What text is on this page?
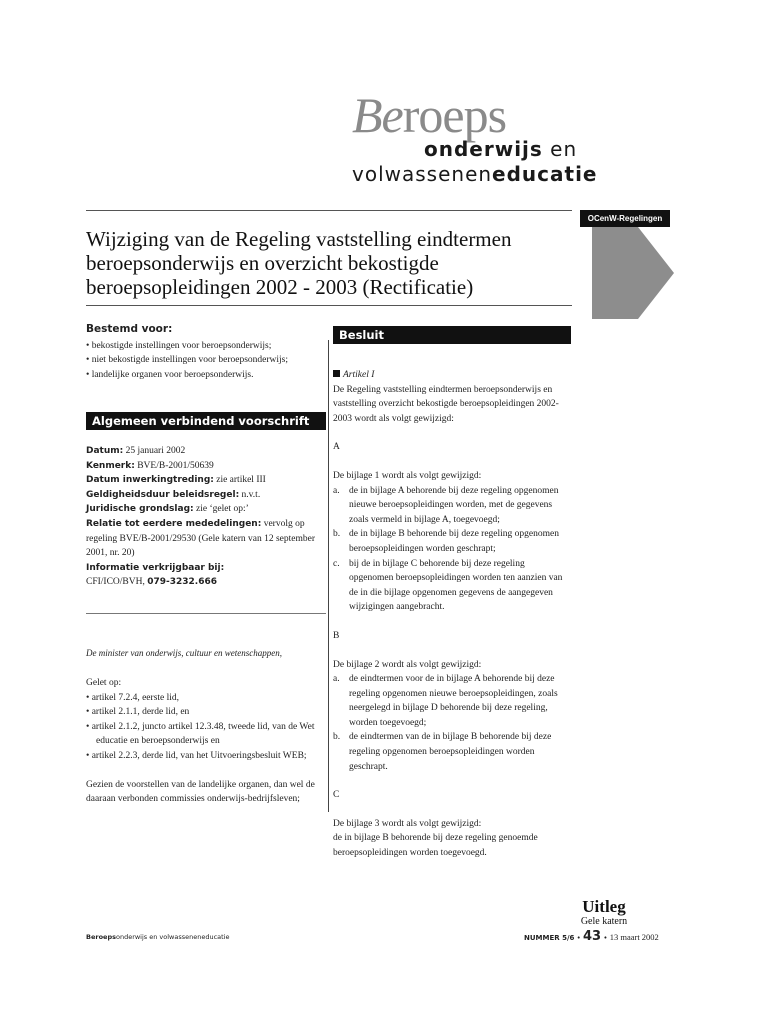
Beroeps
onderwijs en
volwasseneneducatie
OCenW-Regelingen
Wijziging van de Regeling vaststelling eindtermen beroepsonderwijs en overzicht bekostigde beroepsopleidingen 2002 - 2003 (Rectificatie)

Bestemd voor:

• bekostigde instellingen voor beroepsonderwijs;

• niet bekostigde instellingen voor beroepsonderwijs;

• landelijke organen voor beroepsonderwijs.

Algemeen verbindend voorschrift

Datum: 25 januari 2002

Kenmerk: BVE/B-2001/50639

Datum inwerkingtreding: zie artikel III

Geldigheidsduur beleidsregel: n.v.t.

Juridische grondslag: zie ‘gelet op:’

Relatie tot eerdere mededelingen: vervolg op regeling BVE/B-2001/29530 (Gele katern van 12 september 2001, nr. 20)

Informatie verkrijgbaar bij:

CFI/ICO/BVH, 079-3232.666

De minister van onderwijs, cultuur en wetenschappen,

Gelet op:

• artikel 7.2.4, eerste lid,

• artikel 2.1.1, derde lid, en

• artikel 2.1.2, juncto artikel 12.3.48, tweede lid, van de Wet educatie en beroepsonderwijs en

• artikel 2.2.3, derde lid, van het Uitvoeringsbesluit WEB;

Gezien de voorstellen van de landelijke organen, dan wel de daaraan verbonden commissies onderwijs-bedrijfsleven;

Besluit

Artikel I

De Regeling vaststelling eindtermen beroepsonderwijs en vaststelling overzicht bekostigde beroepsopleidingen 2002-2003 wordt als volgt gewijzigd:

A

De bijlage 1 wordt als volgt gewijzigd:

a. de in bijlage A behorende bij deze regeling opgenomen nieuwe beroepsopleidingen worden, met de gegevens zoals vermeld in bijlage A, toegevoegd;

b. de in bijlage B behorende bij deze regeling opgenomen beroepsopleidingen worden geschrapt;

c. bij de in bijlage C behorende bij deze regeling opgenomen beroepsopleidingen worden ten aanzien van de in die bijlage opgenomen gegevens de aangegeven wijzigingen aangebracht.

B

De bijlage 2 wordt als volgt gewijzigd:

a. de eindtermen voor de in bijlage A behorende bij deze regeling opgenomen nieuwe beroepsopleidingen, zoals neergelegd in bijlage D behorende bij deze regeling, worden toegevoegd;

b. de eindtermen van de in bijlage B behorende bij deze regeling opgenomen beroepsopleidingen worden geschrapt.

C

De bijlage 3 wordt als volgt gewijzigd:

de in bijlage B behorende bij deze regeling genoemde beroepsopleidingen worden toegevoegd.

Beroepsonderwijs en volwasseneneducatie
Uitleg
Gele katern
NUMMER 5/6 • 43 • 13 maart 2002
